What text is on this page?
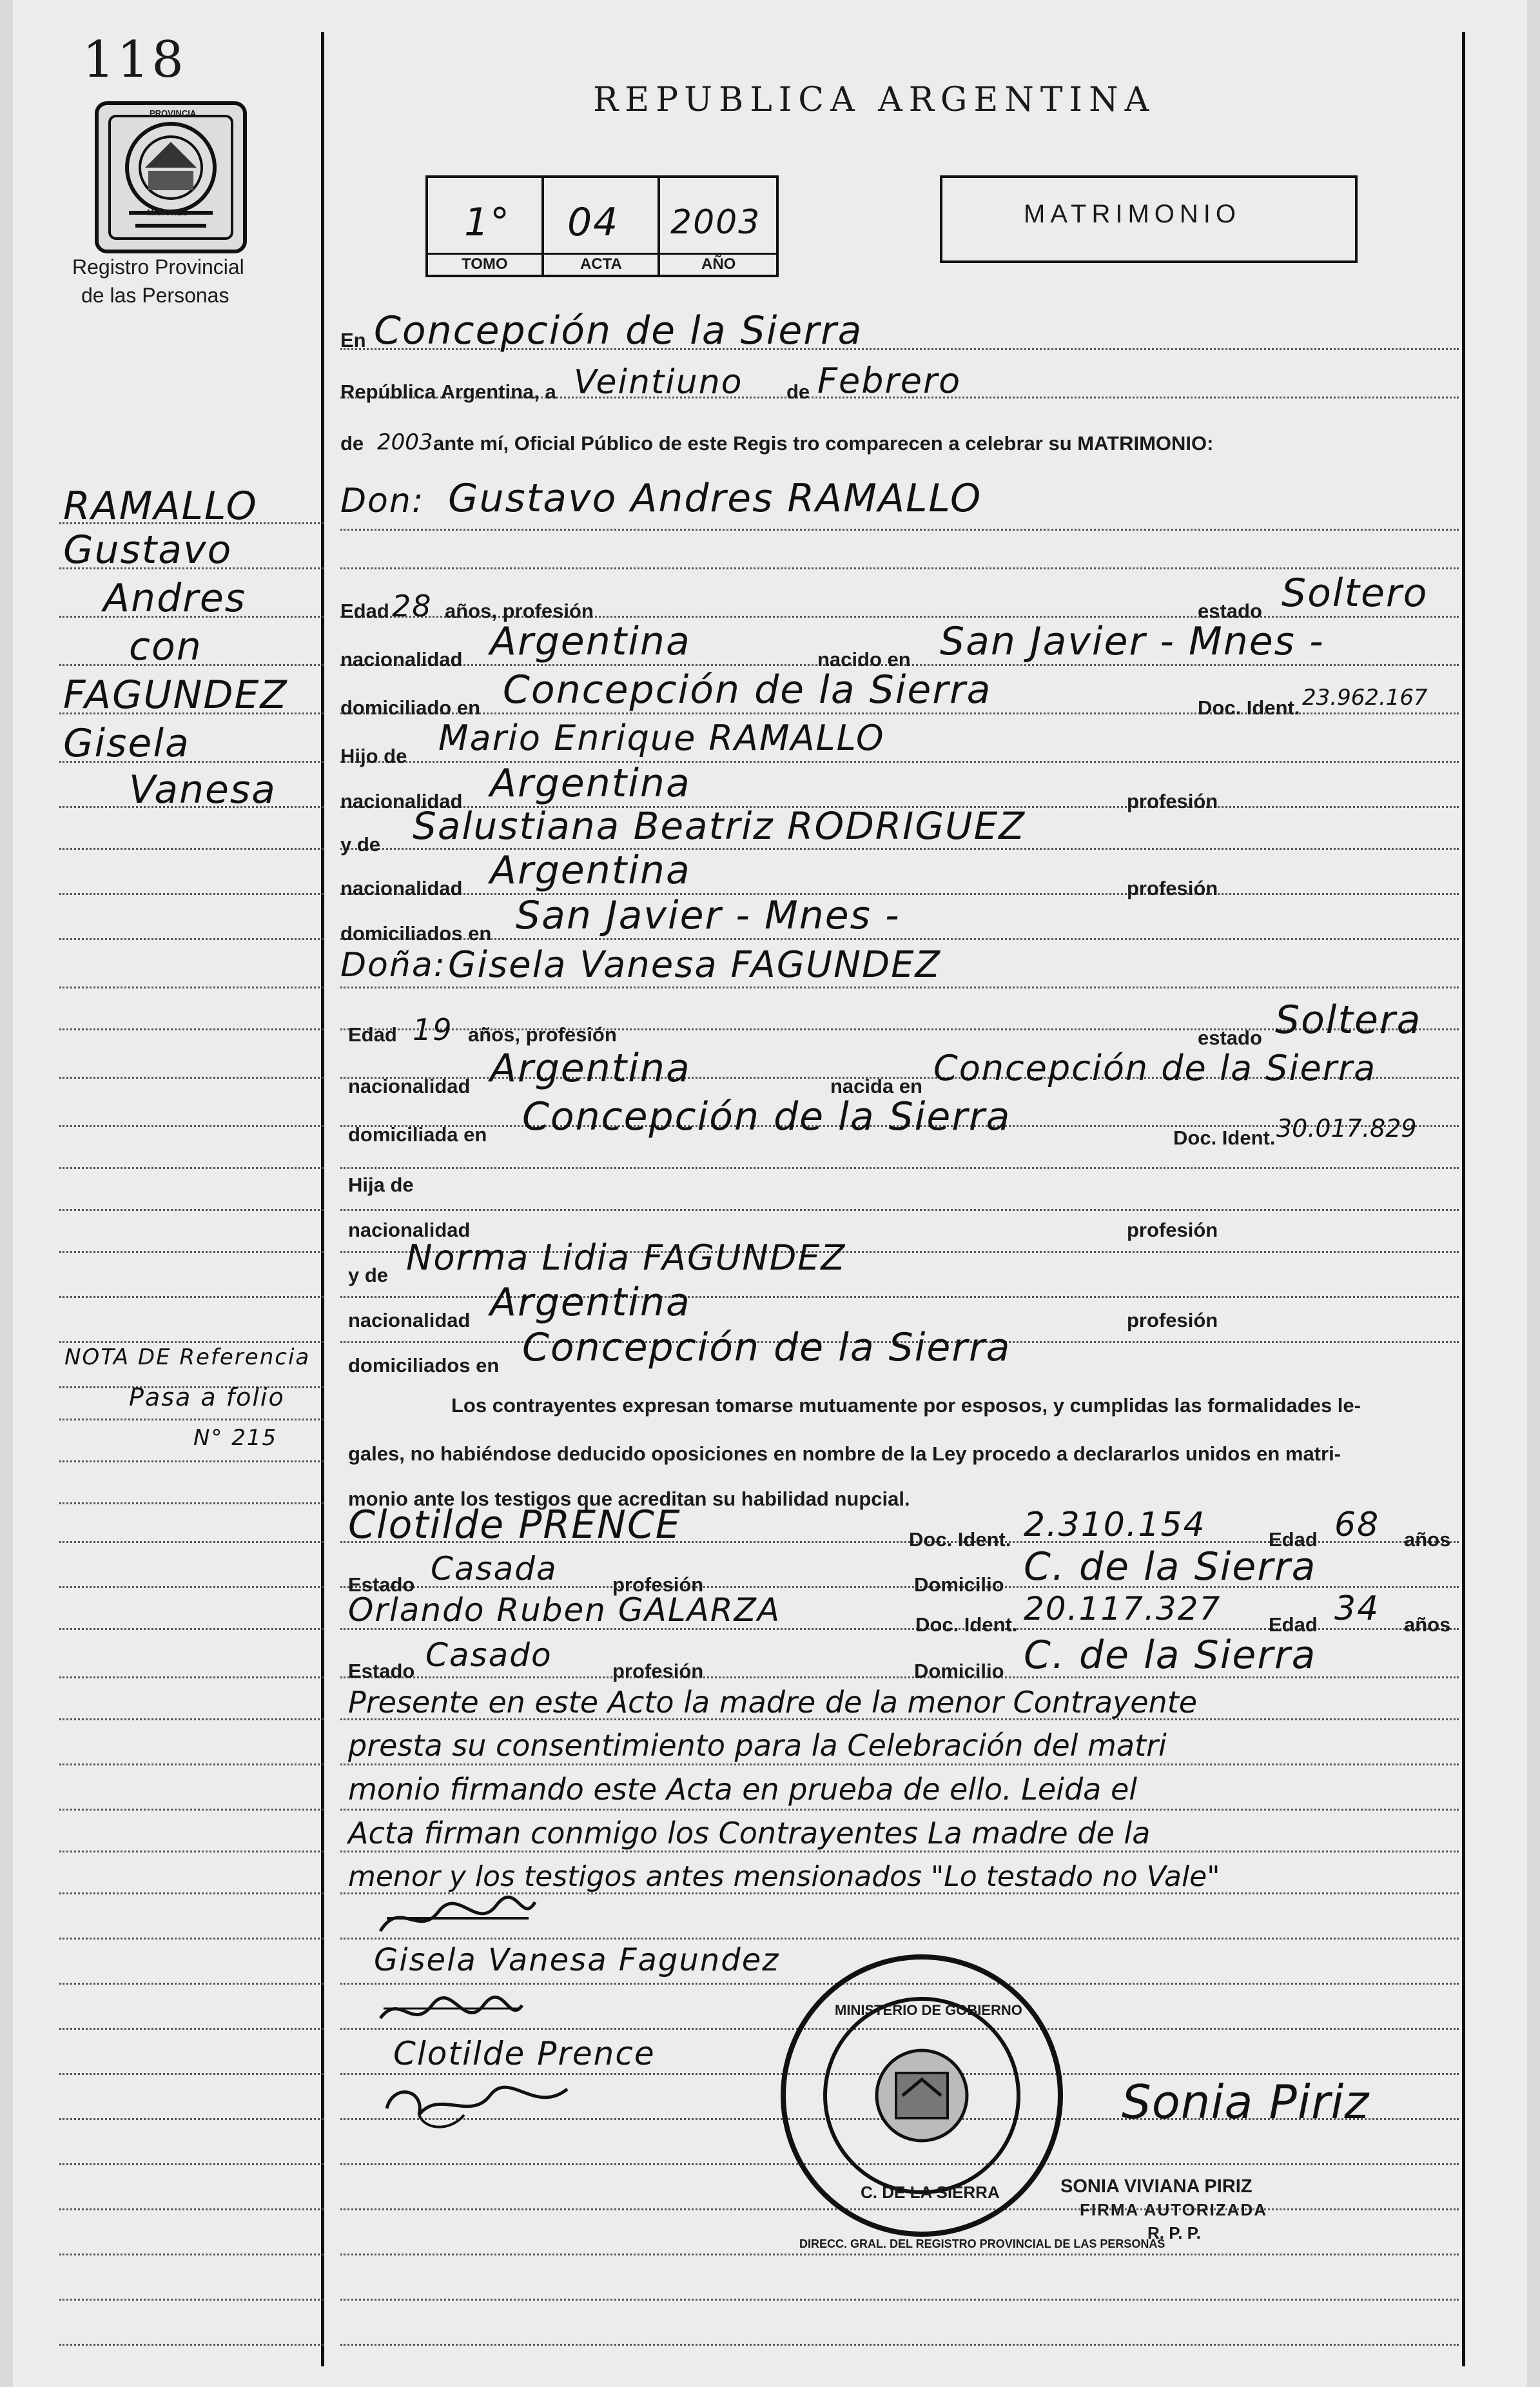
118
PROVINCIA
MISIONES
Registro Provincial
de las Personas
REPUBLICA ARGENTINA
1° 04 2003
TOMO	ACTA	AÑO
MATRIMONIO
RAMALLO
Gustavo
Andres
con
FAGUNDEZ
Gisela
Vanesa
NOTA DE Referencia
Pasa a folio
N° 215
En Concepción de la Sierra
República Argentina, a Veintiuno de Febrero
de 2003 ante mí, Oficial Público de este Regis tro comparecen a celebrar su MATRIMONIO:
Don: Gustavo Andres RAMALLO
Edad 28 años, profesión	estado Soltero
nacionalidad Argentina	nacido en San Javier - Mnes -
domiciliado en Concepción de la Sierra	Doc. Ident. 23.962.167
Hijo de Mario Enrique RAMALLO
nacionalidad Argentina	profesión
y de Salustiana Beatriz RODRIGUEZ
nacionalidad Argentina	profesión
domiciliados en San Javier - Mnes -
Doña: Gisela Vanesa FAGUNDEZ
Edad 19 años, profesión	estado Soltera
nacionalidad Argentina	nacida en Concepción de la Sierra
domiciliada en Concepción de la Sierra	Doc. Ident. 30.017.829
Hija de
nacionalidad	profesión
y de Norma Lidia FAGUNDEZ
nacionalidad Argentina	profesión
domiciliados en Concepción de la Sierra
Los contrayentes expresan tomarse mutuamente por esposos, y cumplidas las formalidades le-
gales, no habiéndose deducido oposiciones en nombre de la Ley procedo a declararlos unidos en matri-
monio ante los testigos que acreditan su habilidad nupcial.
Clotilde PRENCE	Doc. Ident. 2.310.154	Edad 68 años
Estado Casada	profesión	Domicilio C. de la Sierra
Orlando Ruben GALARZA	Doc. Ident. 20.117.327 Edad 34 años
Estado Casado	profesión	Domicilio C. de la Sierra
Presente en este Acto la madre de la menor Contrayente
presta su consentimiento para la Celebración del matri
monio firmando este Acta en prueba de ello. Leida el
Acta firman conmigo los Contrayentes La madre de la
menor y los testigos antes mensionados "Lo testado no Vale"
Gisela Vanesa Fagundez
Clotilde Prence
DIRECC. GRAL. DEL REGISTRO PROVINCIAL DE LAS PERSONAS
MINISTERIO DE GOBIERNO
C. DE LA SIERRA
Sonia Piriz
SONIA VIVIANA PIRIZ
FIRMA AUTORIZADA
R. P. P.
